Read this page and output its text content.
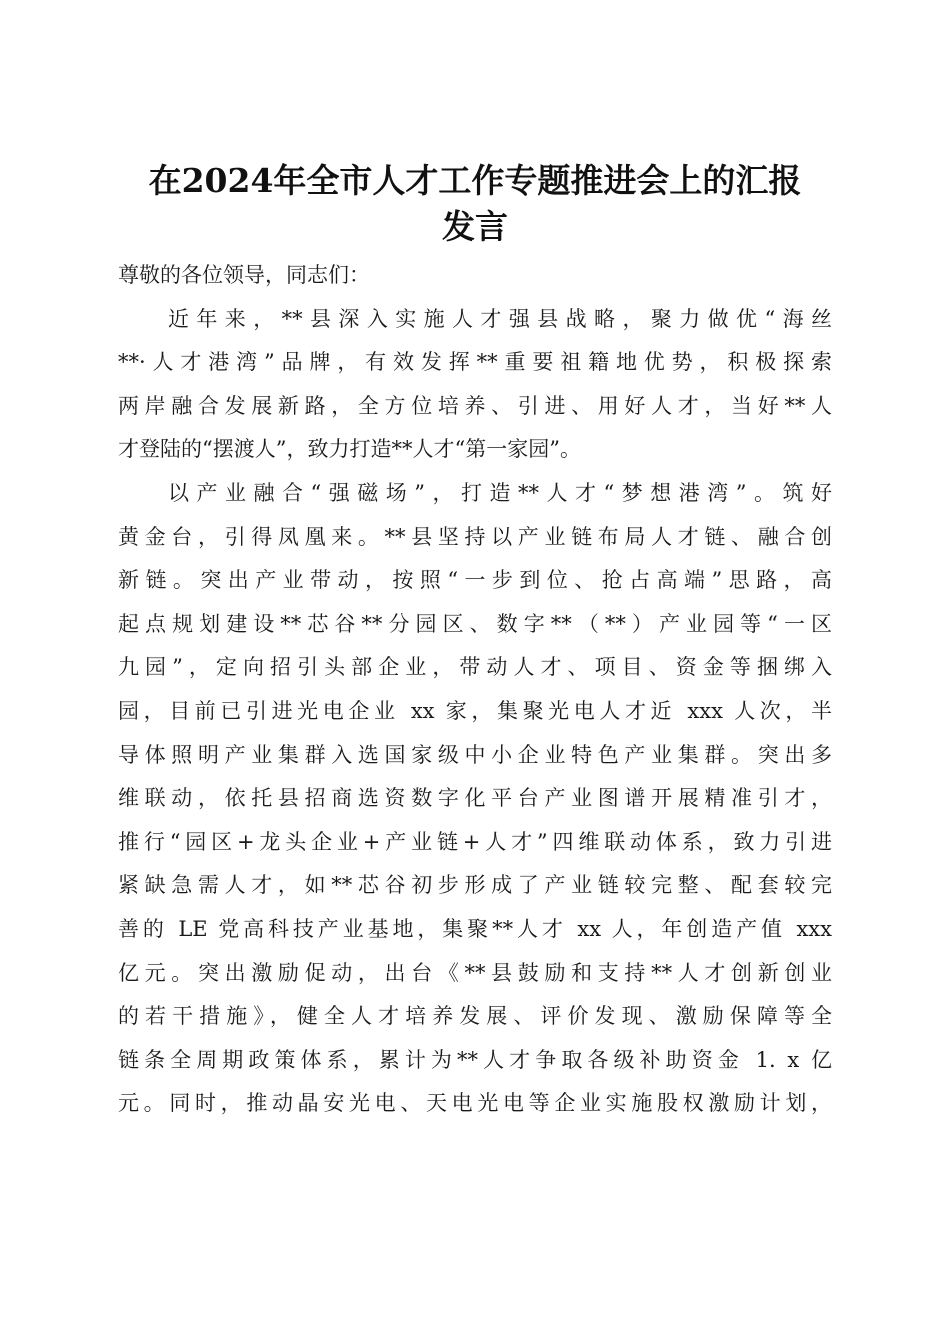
在2024年全市人才工作专题推进会上的汇报
发言
尊敬的各位领导，同志们：
近年来，**县深入实施人才强县战略，聚力做优“海丝
**·人才港湾”品牌，有效发挥**重要祖籍地优势，积极探索
两岸融合发展新路，全方位培养、引进、用好人才，当好**人
才登陆的“摆渡人”，致力打造**人才“第一家园”。
以产业融合“强磁场”，打造**人才“梦想港湾”。筑好
黄金台，引得凤凰来。**县坚持以产业链布局人才链、融合创
新链。突出产业带动，按照“一步到位、抢占高端”思路，高
起点规划建设**芯谷**分园区、数字**（**）产业园等“一区
九园”，定向招引头部企业，带动人才、项目、资金等捆绑入
园，目前已引进光电企业 xx 家，集聚光电人才近 xxx 人次，半
导体照明产业集群入选国家级中小企业特色产业集群。突出多
维联动，依托县招商选资数字化平台产业图谱开展精准引才，
推行“园区+龙头企业+产业链+人才”四维联动体系，致力引进
紧缺急需人才，如**芯谷初步形成了产业链较完整、配套较完
善的 LE 党高科技产业基地，集聚**人才 xx 人，年创造产值 xxx
亿元。突出激励促动，出台《**县鼓励和支持**人才创新创业
的若干措施》，健全人才培养发展、评价发现、激励保障等全
链条全周期政策体系，累计为**人才争取各级补助资金 1. x 亿
元。同时，推动晶安光电、天电光电等企业实施股权激励计划，
